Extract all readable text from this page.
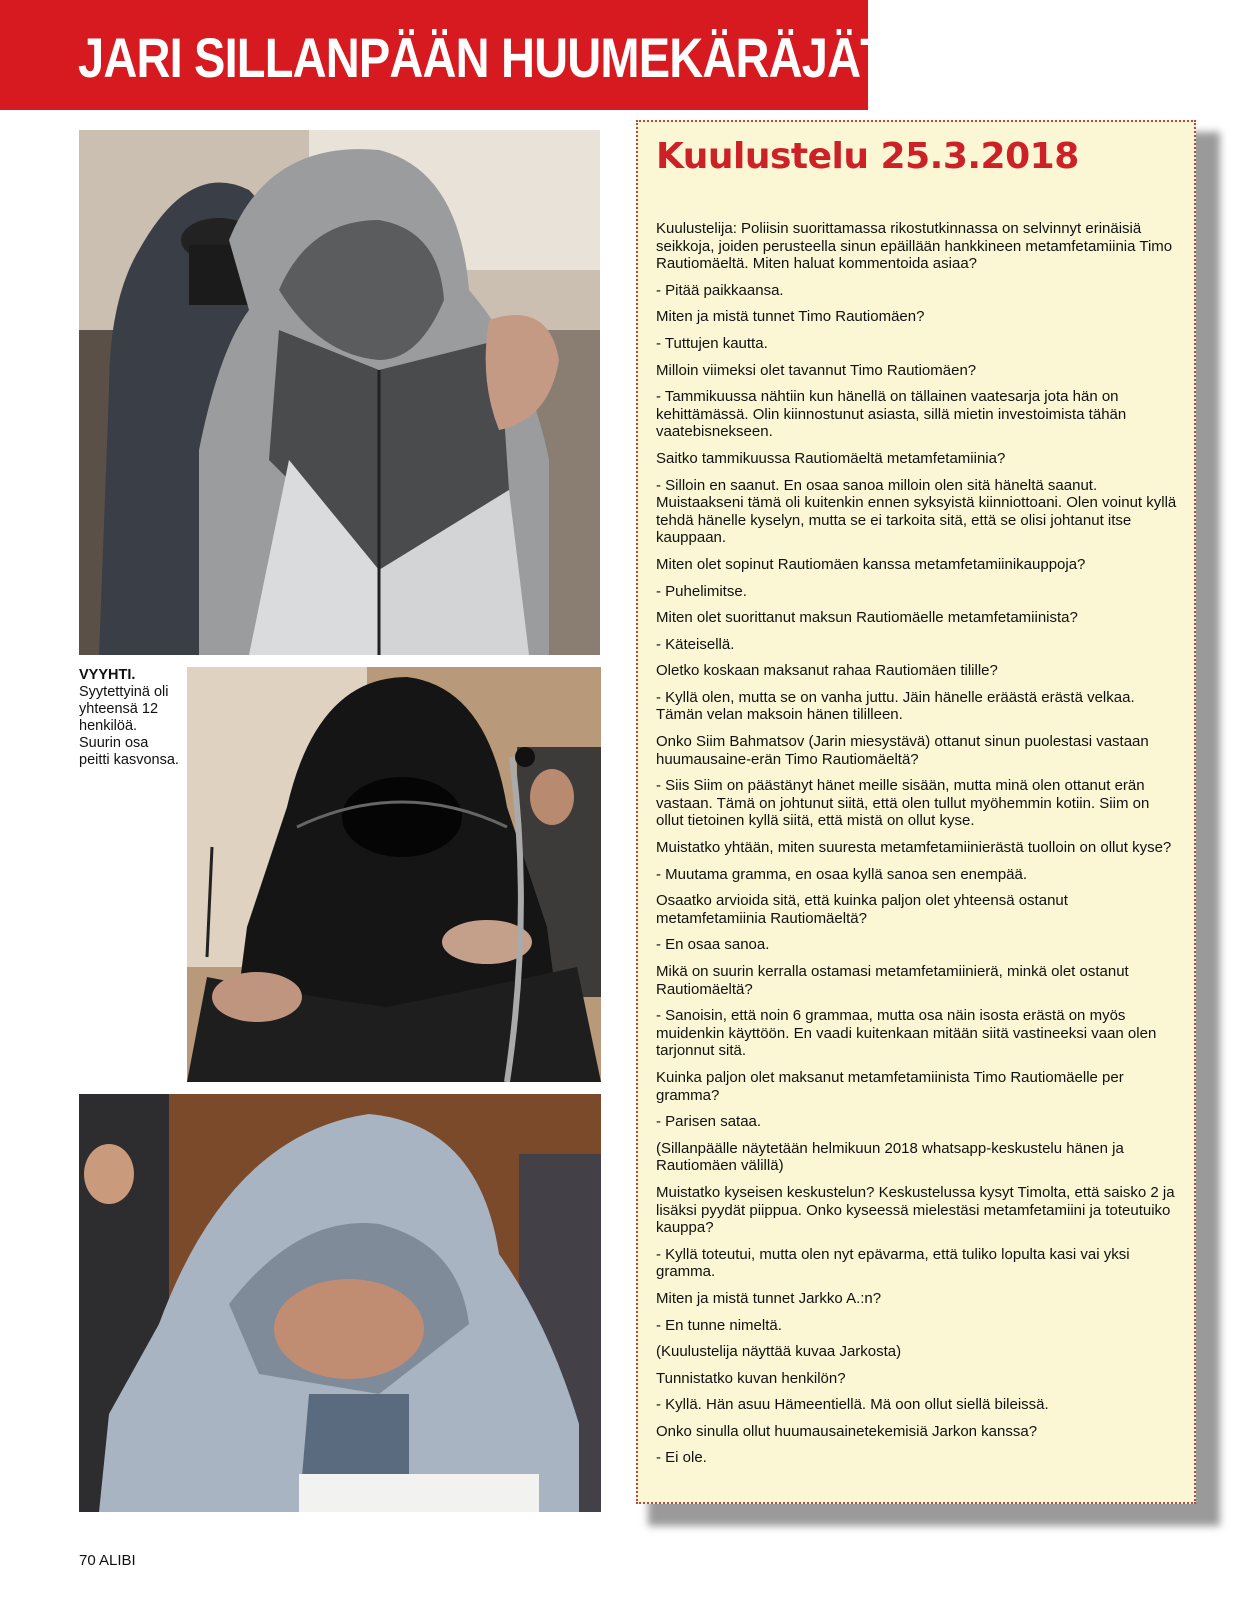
JARI SILLANPÄÄN HUUMEKÄRÄJÄT
VYYHTI.
Syytettyinä oli yhteensä 12 henkilöä. Suurin osa peitti kasvonsa.
Kuulustelu 25.3.2018

Kuulustelija: Poliisin suorittamassa rikostutkinnassa on selvinnyt erinäisiä seikkoja, joiden perusteella sinun epäillään hankkineen metamfetamiinia Timo Rautiomäeltä. Miten haluat kommentoida asiaa?

- Pitää paikkaansa.

Miten ja mistä tunnet Timo Rautiomäen?

- Tuttujen kautta.

Milloin viimeksi olet tavannut Timo Rautiomäen?

- Tammikuussa nähtiin kun hänellä on tällainen vaatesarja jota hän on kehittämässä. Olin kiinnostunut asiasta, sillä mietin investoimista tähän vaatebisnekseen.

Saitko tammikuussa Rautiomäeltä metamfetamiinia?

- Silloin en saanut. En osaa sanoa milloin olen sitä häneltä saanut. Muistaakseni tämä oli kuitenkin ennen syksyistä kiinniottoani. Olen voinut kyllä tehdä hänelle kyselyn, mutta se ei tarkoita sitä, että se olisi johtanut itse kauppaan.

Miten olet sopinut Rautiomäen kanssa metamfetamiinikauppoja?

- Puhelimitse.

Miten olet suorittanut maksun Rautiomäelle metamfetamiinista?

- Käteisellä.

Oletko koskaan maksanut rahaa Rautiomäen tilille?

- Kyllä olen, mutta se on vanha juttu. Jäin hänelle eräästä erästä velkaa. Tämän velan maksoin hänen tililleen.

Onko Siim Bahmatsov (Jarin miesystävä) ottanut sinun puolestasi vastaan huumausaine-erän Timo Rautiomäeltä?

- Siis Siim on päästänyt hänet meille sisään, mutta minä olen ottanut erän vastaan. Tämä on johtunut siitä, että olen tullut myöhemmin kotiin. Siim on ollut tietoinen kyllä siitä, että mistä on ollut kyse.

Muistatko yhtään, miten suuresta metamfetamiinierästä tuolloin on ollut kyse?

- Muutama gramma, en osaa kyllä sanoa sen enempää.

Osaatko arvioida sitä, että kuinka paljon olet yhteensä ostanut metamfetamiinia Rautiomäeltä?

- En osaa sanoa.

Mikä on suurin kerralla ostamasi metamfetamiinierä, minkä olet ostanut Rautiomäeltä?

- Sanoisin, että noin 6 grammaa, mutta osa näin isosta erästä on myös muidenkin käyttöön. En vaadi kuitenkaan mitään siitä vastineeksi vaan olen tarjonnut sitä.

Kuinka paljon olet maksanut metamfetamiinista Timo Rautiomäelle per gramma?

- Parisen sataa.

(Sillanpäälle näytetään helmikuun 2018 whatsapp-keskustelu hänen ja Rautiomäen välillä)

Muistatko kyseisen keskustelun? Keskustelussa kysyt Timolta, että saisko 2 ja lisäksi pyydät piippua. Onko kyseessä mielestäsi metamfetamiini ja toteutuiko kauppa?

- Kyllä toteutui, mutta olen nyt epävarma, että tuliko lopulta kasi vai yksi gramma.

Miten ja mistä tunnet Jarkko A.:n?

- En tunne nimeltä.

(Kuulustelija näyttää kuvaa Jarkosta)

Tunnistatko kuvan henkilön?

- Kyllä. Hän asuu Hämeentiellä. Mä oon ollut siellä bileissä.

Onko sinulla ollut huumausainetekemisiä Jarkon kanssa?

- Ei ole.

70 ALIBI
